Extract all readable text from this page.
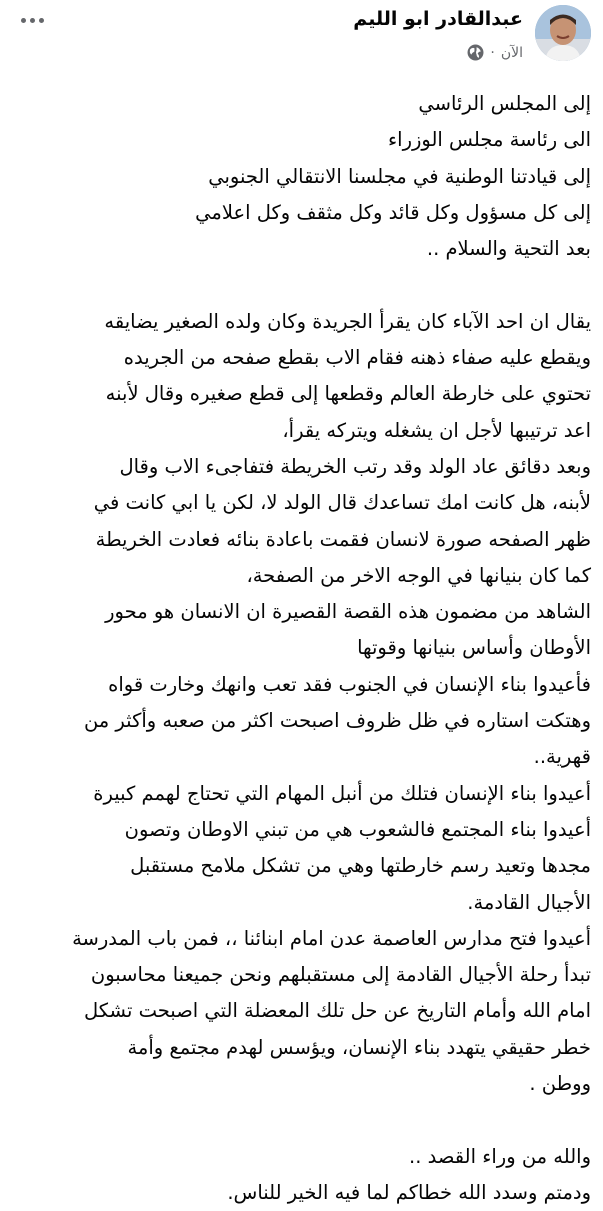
عبدالقادر ابو الليم
الآن
·
إلى المجلس الرئاسي
الى رئاسة مجلس الوزراء
إلى قيادتنا الوطنية في مجلسنا الانتقالي الجنوبي
إلى كل مسؤول وكل قائد وكل مثقف وكل اعلامي
بعد التحية والسلام ..
يقال ان احد الآباء كان يقرأ الجريدة وكان ولده الصغير يضايقه
ويقطع عليه صفاء ذهنه فقام الاب بقطع صفحه من الجريده
تحتوي على خارطة العالم وقطعها إلى قطع صغيره وقال لأبنه
اعد ترتيبها لأجل ان يشغله ويتركه يقرأ،
وبعد دقائق عاد الولد وقد رتب الخريطة فتفاجىء الاب وقال
لأبنه، هل كانت امك تساعدك قال الولد لا، لكن يا ابي كانت في
ظهر الصفحه صورة لانسان فقمت باعادة بنائه فعادت الخريطة
كما كان بنيانها في الوجه الاخر من الصفحة،
الشاهد من مضمون هذه القصة القصيرة ان الانسان هو محور
الأوطان وأساس بنيانها وقوتها
فأعيدوا بناء الإنسان في الجنوب فقد تعب وانهك وخارت قواه
وهتكت استاره في ظل ظروف اصبحت اكثر من صعبه وأكثر من
قهرية..
أعيدوا بناء الإنسان فتلك من أنبل المهام التي تحتاج لهمم كبيرة
أعيدوا بناء المجتمع فالشعوب هي من تبني الاوطان وتصون
مجدها وتعيد رسم خارطتها وهي من تشكل ملامح مستقبل
الأجيال القادمة.
أعيدوا فتح مدارس العاصمة عدن امام ابنائنا ،، فمن باب المدرسة
تبدأ رحلة الأجيال القادمة إلى مستقبلهم ونحن جميعنا محاسبون
امام الله وأمام التاريخ عن حل تلك المعضلة التي اصبحت تشكل
خطر حقيقي يتهدد بناء الإنسان، ويؤسس لهدم مجتمع وأمة
ووطن .
والله من وراء القصد ..
ودمتم وسدد الله خطاكم لما فيه الخير للناس.
